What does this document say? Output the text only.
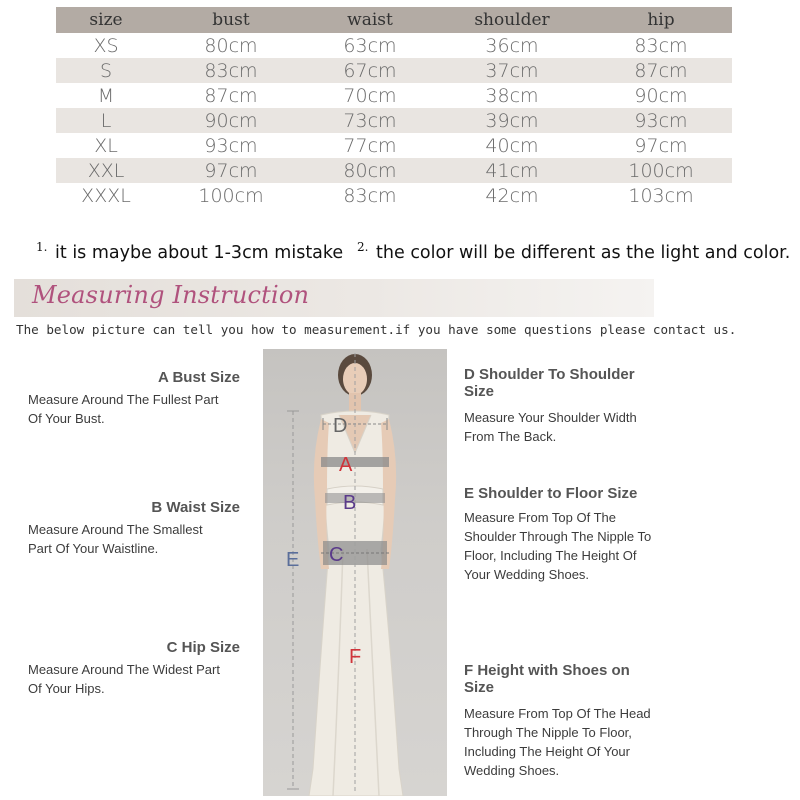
size	bust	waist	shoulder	hip
XS	80cm	63cm	36cm	83cm
S	83cm	67cm	37cm	87cm
M	87cm	70cm	38cm	90cm
L	90cm	73cm	39cm	93cm
XL	93cm	77cm	40cm	97cm
XXL	97cm	80cm	41cm	100cm
XXXL	100cm	83cm	42cm	103cm
$^{1.}$ it is maybe about 1-3cm mistake $^{2.}$ the color will be different as the light and color.
Measuring Instruction
The below picture can tell you how to measurement.if you have some questions please contact us.
A Bust Size
Measure Around The Fullest Part
Of Your Bust.
B Waist Size
Measure Around The Smallest
Part Of Your Waistline.
C Hip Size
Measure Around The Widest Part
Of Your Hips.
D Shoulder To Shoulder
Size
Measure Your Shoulder Width
From The Back.
E Shoulder to Floor Size
Measure From Top Of The
Shoulder Through The Nipple To
Floor, Including The Height Of
Your Wedding Shoes.
F Height with Shoes on
Size
Measure From Top Of The Head
Through The Nipple To Floor,
Including The Height Of Your
Wedding Shoes.
D
A
B
C
E
F
